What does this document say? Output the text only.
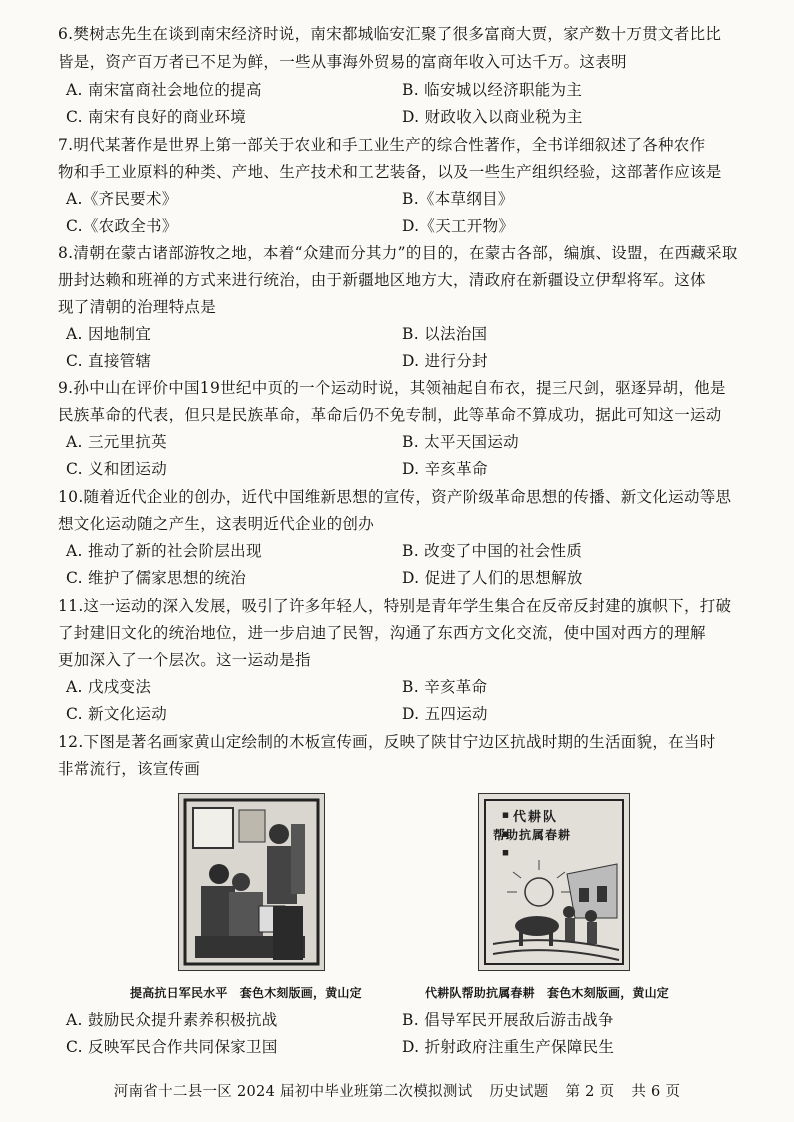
6.樊树志先生在谈到南宋经济时说，南宋都城临安汇聚了很多富商大贾，家产数十万贯文者比比
皆是，资产百万者已不足为鲜，一些从事海外贸易的富商年收入可达千万。这表明
A. 南宋富商社会地位的提高	B. 临安城以经济职能为主
C. 南宋有良好的商业环境	D. 财政收入以商业税为主
7.明代某著作是世界上第一部关于农业和手工业生产的综合性著作，全书详细叙述了各种农作
物和手工业原料的种类、产地、生产技术和工艺装备，以及一些生产组织经验，这部著作应该是
A.《齐民要术》	B.《本草纲目》
C.《农政全书》	D.《天工开物》
8.清朝在蒙古诸部游牧之地，本着“众建而分其力”的目的，在蒙古各部，编旗、设盟，在西藏采取
册封达赖和班禅的方式来进行统治，由于新疆地区地方大，清政府在新疆设立伊犁将军。这体
现了清朝的治理特点是
A. 因地制宜	B. 以法治国
C. 直接管辖	D. 进行分封
9.孙中山在评价中国19世纪中页的一个运动时说，其领袖起自布衣，提三尺剑，驱逐异胡，他是
民族革命的代表，但只是民族革命，革命后仍不免专制，此等革命不算成功，据此可知这一运动
A. 三元里抗英	B. 太平天国运动
C. 义和团运动	D. 辛亥革命
10.随着近代企业的创办，近代中国维新思想的宣传，资产阶级革命思想的传播、新文化运动等思
想文化运动随之产生，这表明近代企业的创办
A. 推动了新的社会阶层出现	B. 改变了中国的社会性质
C. 维护了儒家思想的统治	D. 促进了人们的思想解放
11.这一运动的深入发展，吸引了许多年轻人，特别是青年学生集合在反帝反封建的旗帜下，打破
了封建旧文化的统治地位，进一步启迪了民智，沟通了东西方文化交流，使中国对西方的理解
更加深入了一个层次。这一运动是指
A. 戊戌变法	B. 辛亥革命
C. 新文化运动	D. 五四运动
12.下图是著名画家黄山定绘制的木板宣传画，反映了陕甘宁边区抗战时期的生活面貌，在当时
非常流行，该宣传画
提高抗日军民水平　套色木刻版画，黄山定
▪ ▪ ▪ 代耕队
帮助抗属春耕
代耕队帮助抗属春耕　套色木刻版画，黄山定
A. 鼓励民众提升素养积极抗战	B. 倡导军民开展敌后游击战争
C. 反映军民合作共同保家卫国	D. 折射政府注重生产保障民生
河南省十二县一区 2024 届初中毕业班第二次模拟测试 历史试题 第 2 页 共 6 页
